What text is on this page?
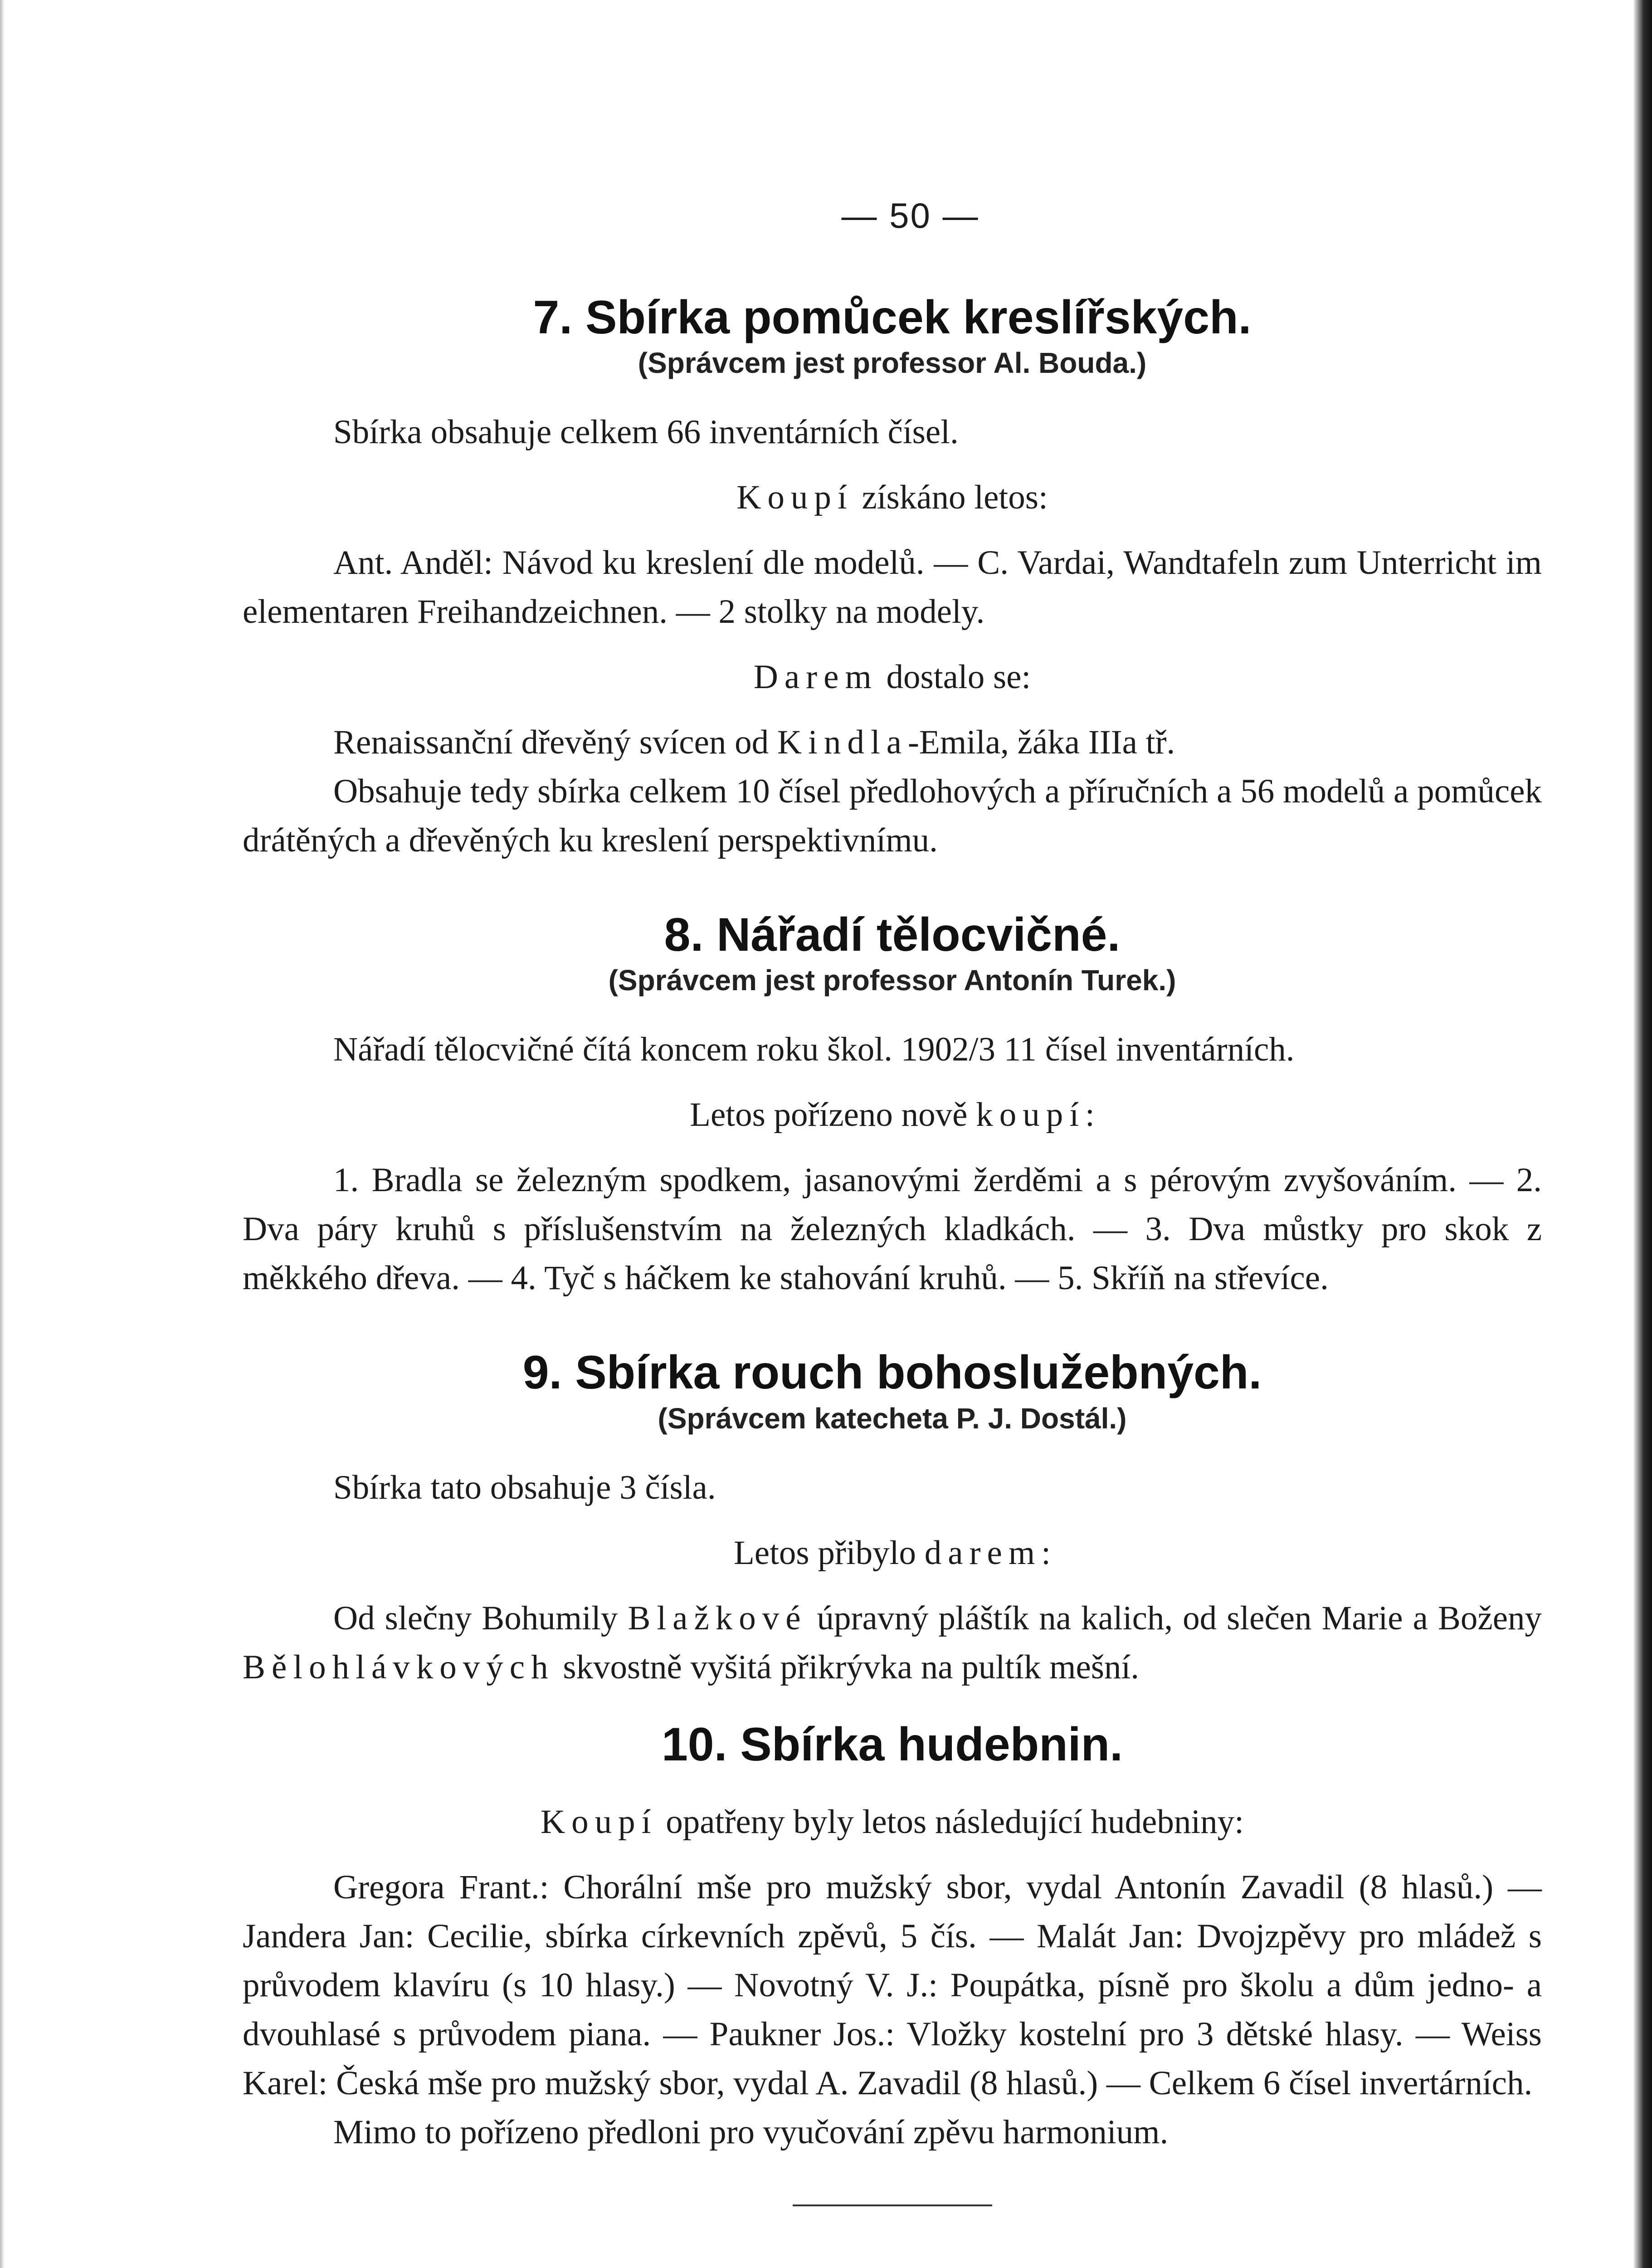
— 50 —
7. Sbírka pomůcek kreslířských.
(Správcem jest professor Al. Bouda.)

Sbírka obsahuje celkem 66 inventárních čísel.

Koupí získáno letos:

Ant. Anděl: Návod ku kreslení dle modelů. — C. Vardai, Wandtafeln zum Unterricht im elementaren Freihandzeichnen. — 2 stolky na modely.

Darem dostalo se:

Renaissanční dřevěný svícen od Kindla-Emila, žáka IIIa tř.

Obsahuje tedy sbírka celkem 10 čísel předlohových a příručních a 56 modelů a pomůcek drátěných a dřevěných ku kreslení perspektivnímu.

8. Nářadí tělocvičné.
(Správcem jest professor Antonín Turek.)

Nářadí tělocvičné čítá koncem roku škol. 1902/3 11 čísel inventárních.

Letos pořízeno nově koupí:

1. Bradla se železným spodkem, jasanovými žerděmi a s pérovým zvyšováním. — 2. Dva páry kruhů s příslušenstvím na železných kladkách. — 3. Dva můstky pro skok z měkkého dřeva. — 4. Tyč s háčkem ke stahování kruhů. — 5. Skříň na střevíce.

9. Sbírka rouch bohoslužebných.
(Správcem katecheta P. J. Dostál.)

Sbírka tato obsahuje 3 čísla.

Letos přibylo darem:

Od slečny Bohumily Blažkové úpravný pláštík na kalich, od slečen Marie a Boženy Bělohlávkových skvostně vyšitá přikrývka na pultík mešní.

10. Sbírka hudebnin.

Koupí opatřeny byly letos následující hudebniny:

Gregora Frant.: Chorální mše pro mužský sbor, vydal Antonín Zavadil (8 hlasů.) — Jandera Jan: Cecilie, sbírka církevních zpěvů, 5 čís. — Malát Jan: Dvojzpěvy pro mládež s průvodem klavíru (s 10 hlasy.) — Novotný V. J.: Poupátka, písně pro školu a dům jedno- a dvouhlasé s průvodem piana. — Paukner Jos.: Vložky kostelní pro 3 dětské hlasy. — Weiss Karel: Česká mše pro mužský sbor, vydal A. Zavadil (8 hlasů.) — Celkem 6 čísel invertárních.

Mimo to pořízeno předloni pro vyučování zpěvu harmonium.
